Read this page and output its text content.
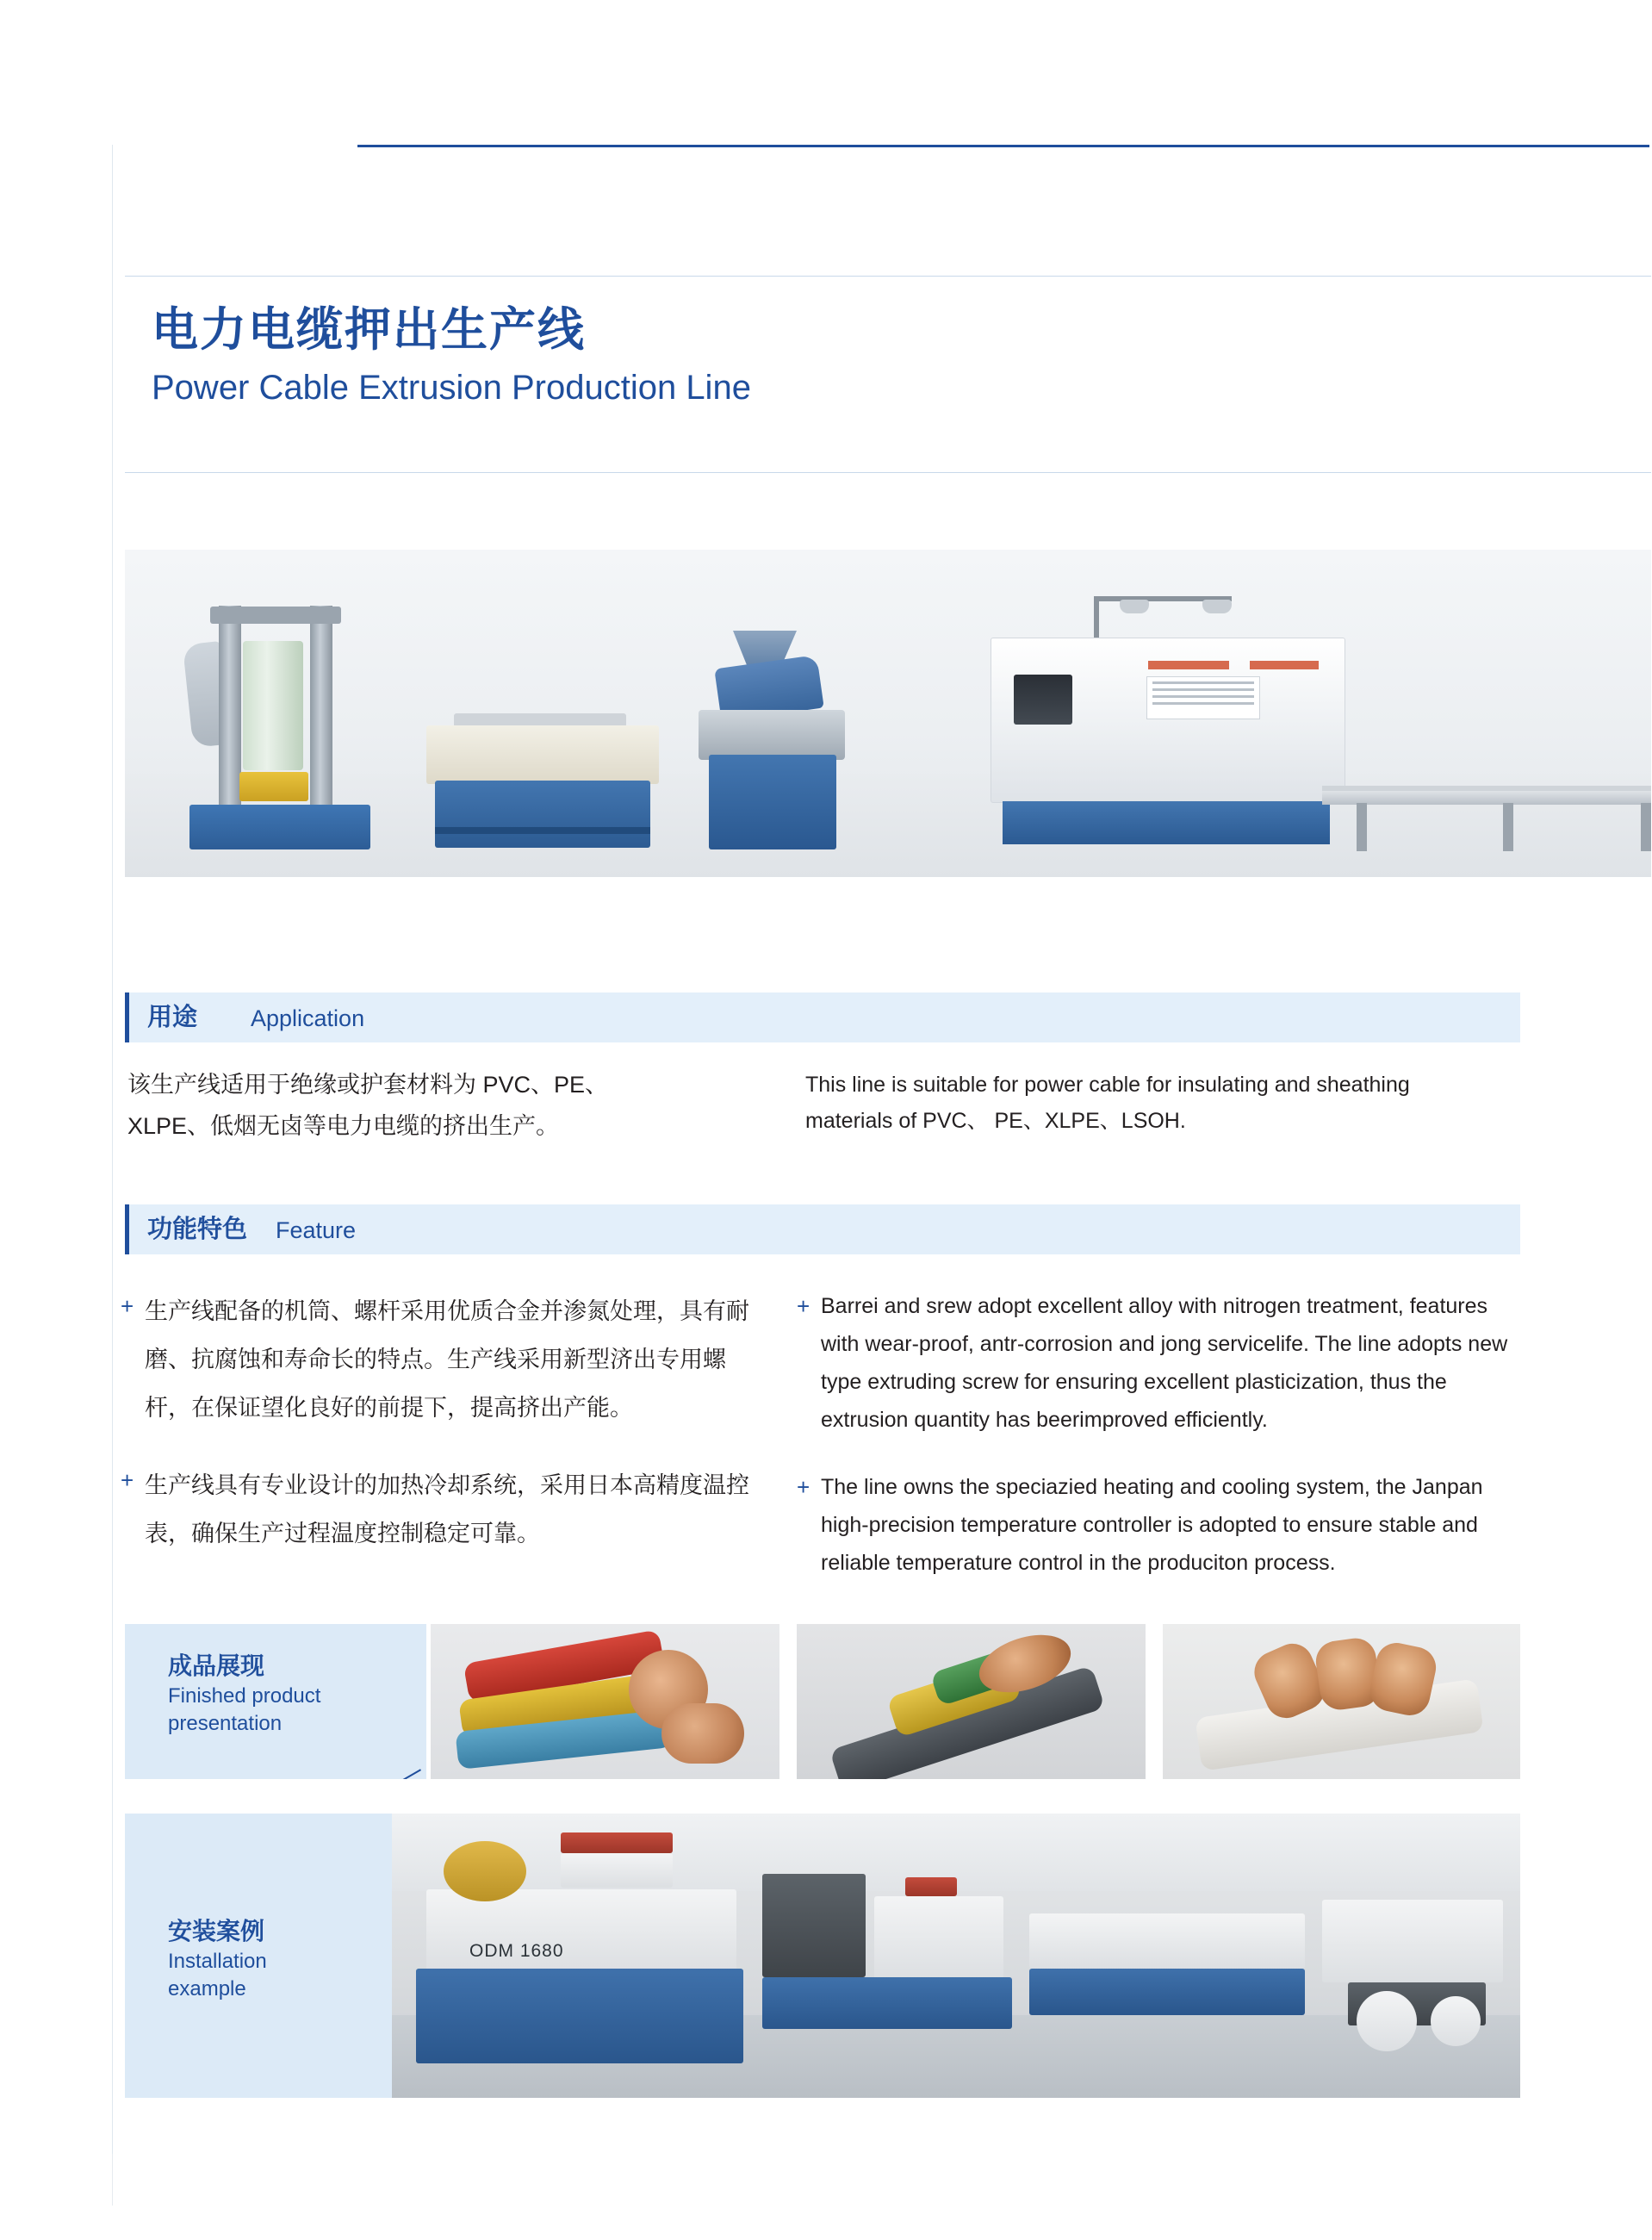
电力电缆押出生产线
Power Cable Extrusion Production Line
用途 Application
该生产线适用于绝缘或护套材料为 PVC、PE、XLPE、低烟无卤等电力电缆的挤出生产。
This line is suitable for power cable for insulating and sheathing materials of PVC、 PE、XLPE、LSOH.
功能特色 Feature
+ 生产线配备的机筒、螺杆采用优质合金并渗氮处理，具有耐磨、抗腐蚀和寿命长的特点。生产线采用新型济出专用螺杆，在保证望化良好的前提下，提高挤出产能。

+ 生产线具有专业设计的加热冷却系统，采用日本高精度温控表，确保生产过程温度控制稳定可靠。

+ Barrei and srew adopt excellent alloy with nitrogen treatment, features with wear-proof, antr-corrosion and jong servicelife. The line adopts new type extruding screw for ensuring excellent plasticization, thus the extrusion quantity has beerimproved efficiently.

+ The line owns the speciazied heating and cooling system, the Janpan high-precision temperature controller is adopted to ensure stable and reliable temperature control in the produciton process.

成品展现
Finished product
presentation
安装案例
Installation
example
ODM 1680
